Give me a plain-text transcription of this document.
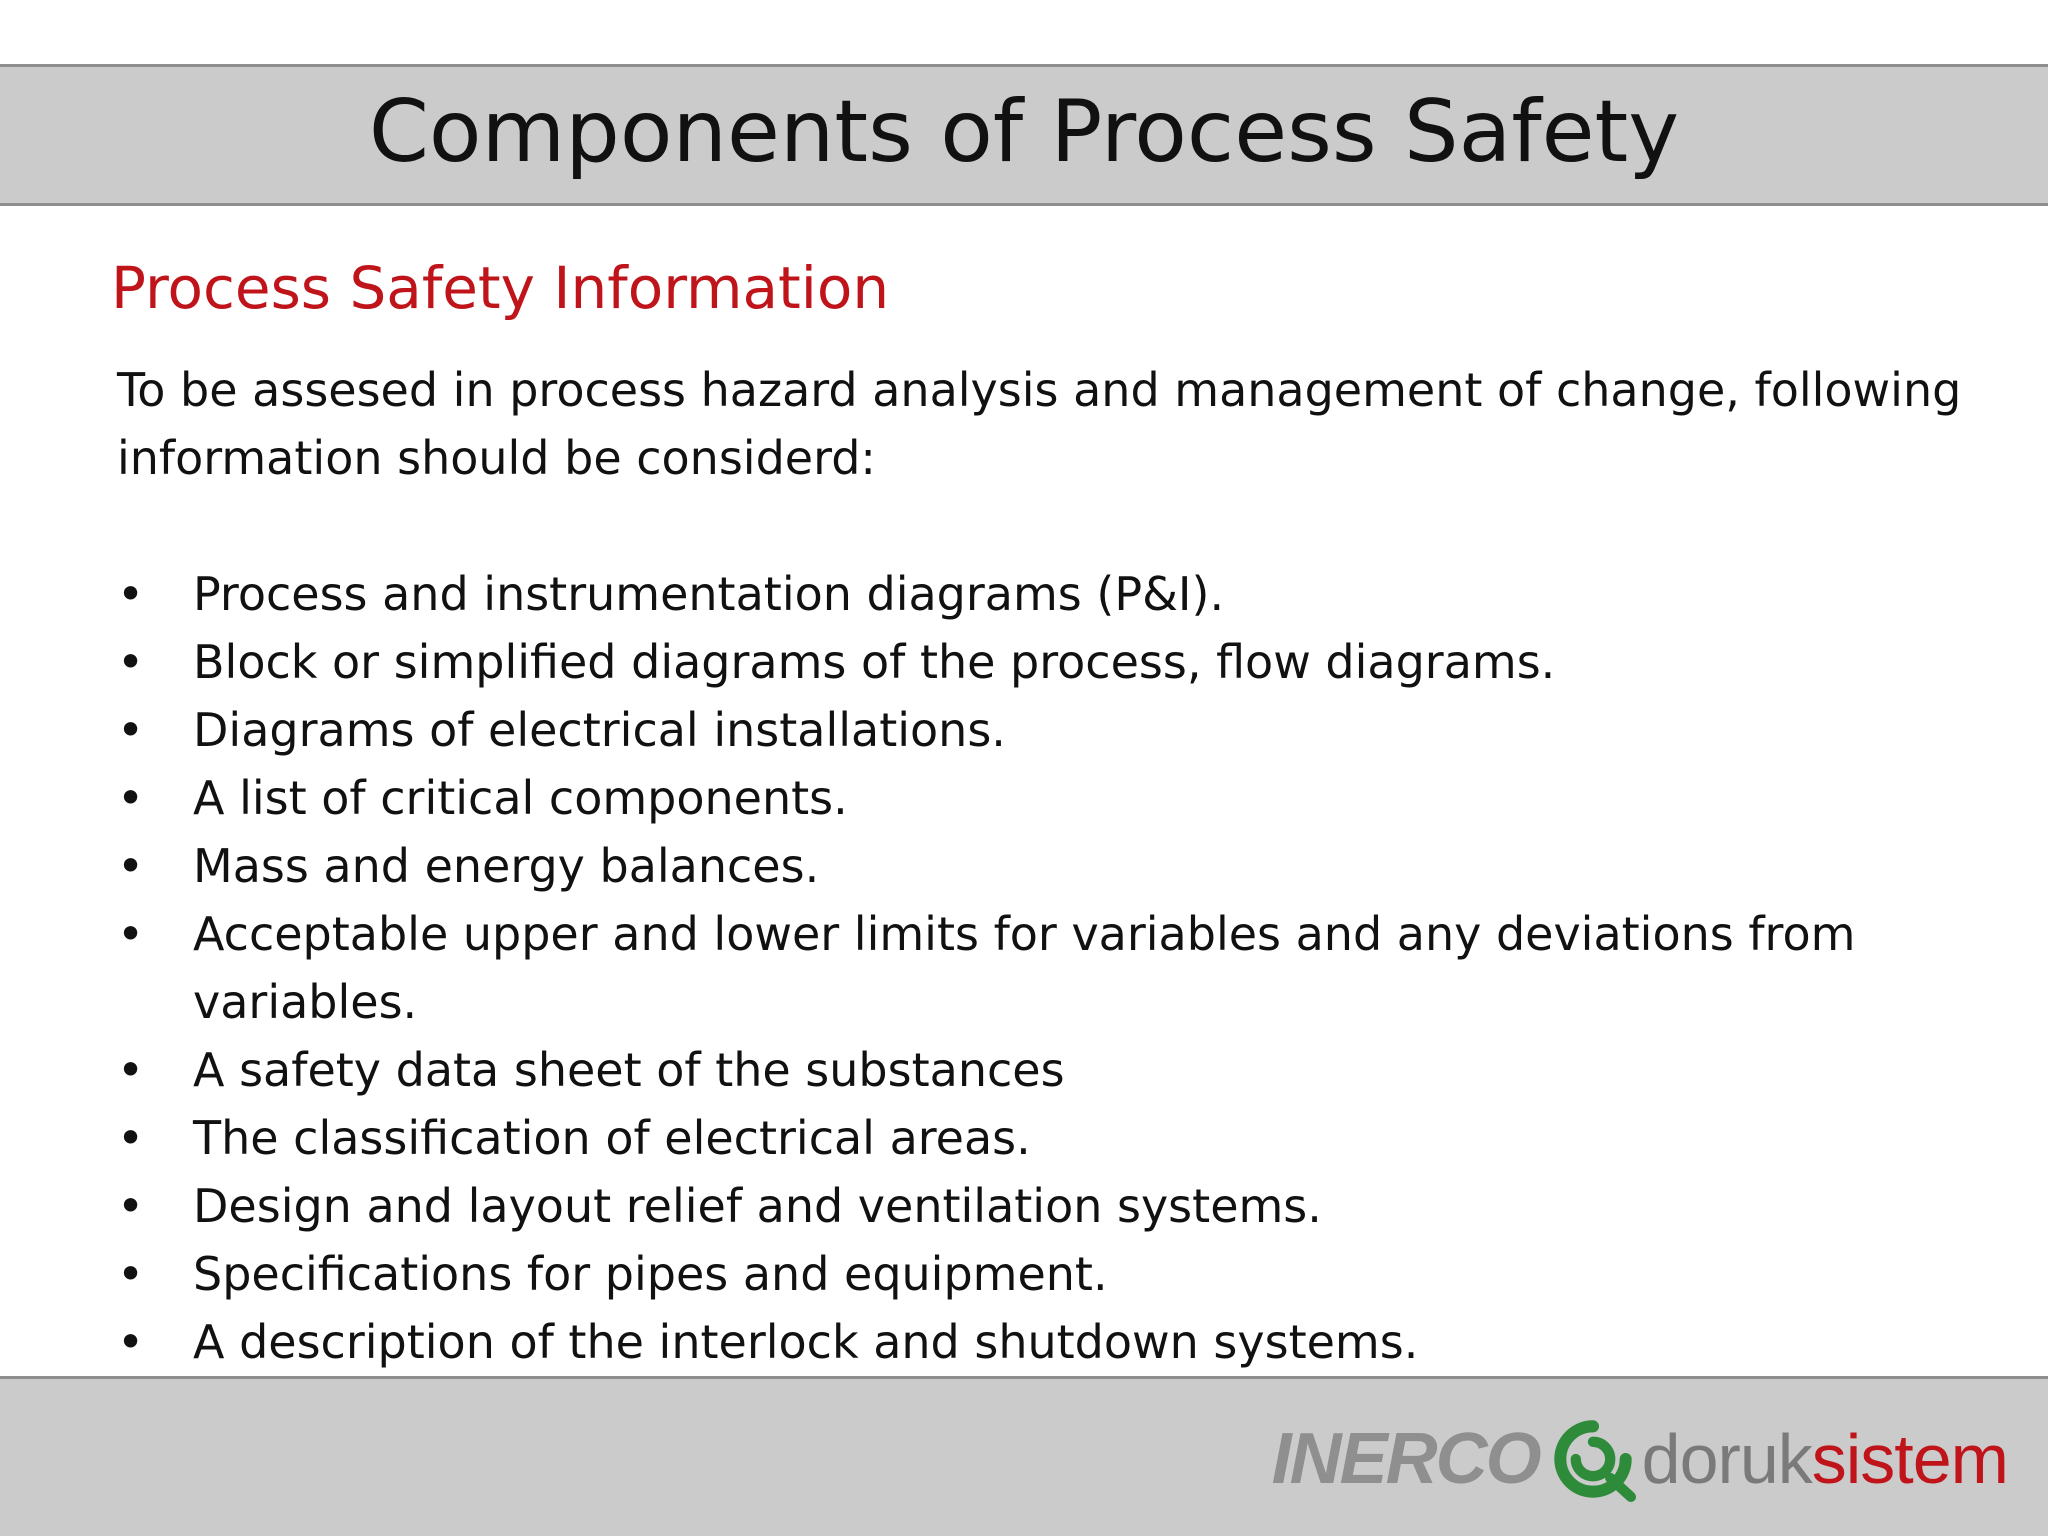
Components of Process Safety
Process Safety Information

To be assesed in process hazard analysis and management of change, following information should be considerd:

• Process and instrumentation diagrams (P&I).
• Block or simplified diagrams of the process, flow diagrams.
• Diagrams of electrical installations.
• A list of critical components.
• Mass and energy balances.
• Acceptable upper and lower limits for variables and any deviations from variables.
• A safety data sheet of the substances
• The classification of electrical areas.
• Design and layout relief and ventilation systems.
• Specifications for pipes and equipment.
• A description of the interlock and shutdown systems.
INERCO doruk sistem
